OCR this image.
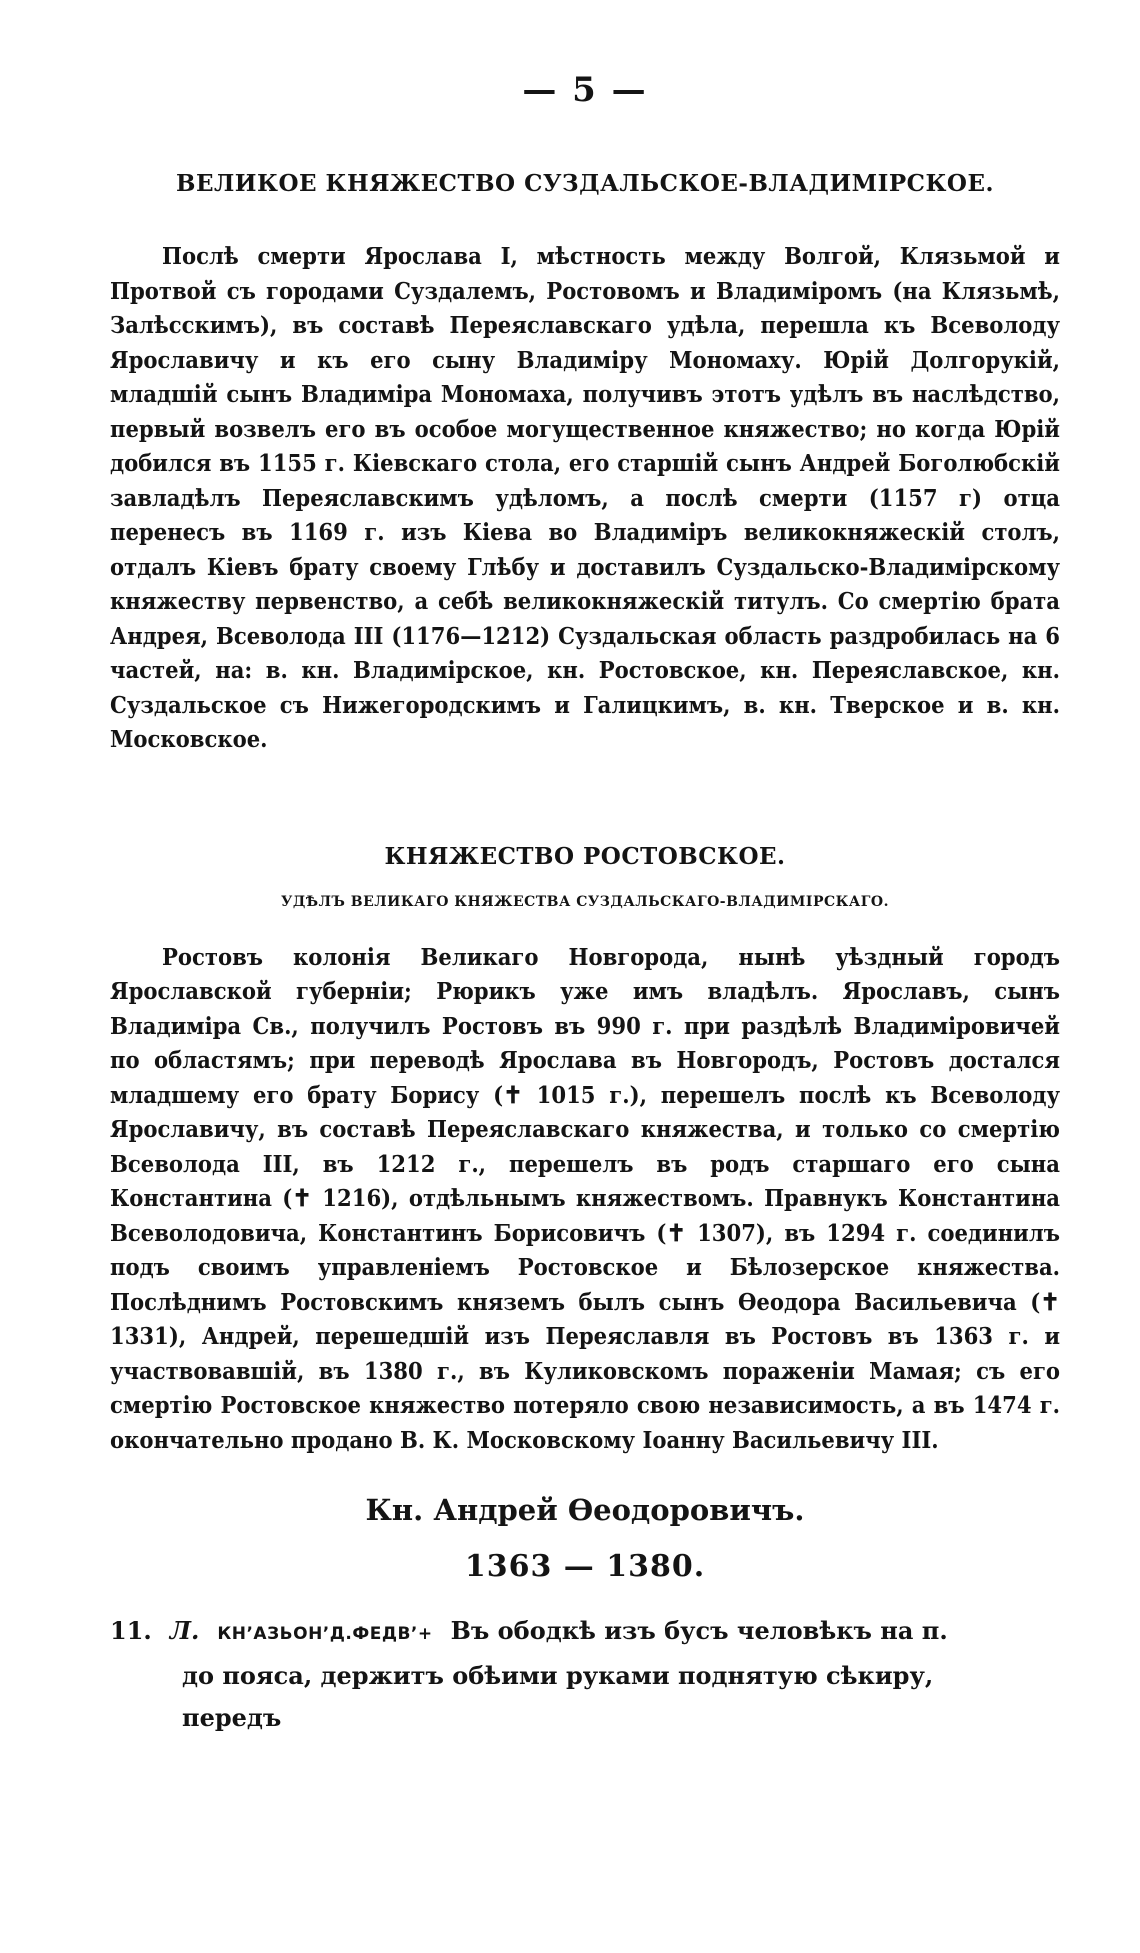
— 5 —
ВЕЛИКОЕ КНЯЖЕСТВО СУЗДАЛЬСКОЕ-ВЛАДИМІРСКОЕ.

Послѣ смерти Ярослава I, мѣстность между Волгой, Клязьмой и Протвой съ городами Суздалемъ, Ростовомъ и Владиміромъ (на Клязьмѣ, Залѣсскимъ), въ составѣ Переяславскаго удѣла, перешла къ Всеволоду Ярославичу и къ его сыну Владиміру Мономаху. Юрій Долгорукій, младшій сынъ Владиміра Мономаха, получивъ этотъ удѣлъ въ наслѣдство, первый возвелъ его въ особое могущественное княжество; но когда Юрій добился въ 1155 г. Кіевскаго стола, его старшій сынъ Андрей Боголюбскій завладѣлъ Переяславскимъ удѣломъ, а послѣ смерти (1157 г) отца перенесъ въ 1169 г. изъ Кіева во Владиміръ великокняжескій столъ, отдалъ Кіевъ брату своему Глѣбу и доставилъ Суздальско-Владимірскому княжеству первенство, а себѣ великокняжескій титулъ. Со смертію брата Андрея, Всеволода III (1176—1212) Суздальская область раздробилась на 6 частей, на: в. кн. Владимірское, кн. Ростовское, кн. Переяславское, кн. Суздальское съ Нижегородскимъ и Галицкимъ, в. кн. Тверское и в. кн. Московское.

КНЯЖЕСТВО РОСТОВСКОЕ.
УДѢЛЪ ВЕЛИКАГО КНЯЖЕСТВА СУЗДАЛЬСКАГО-ВЛАДИМІРСКАГО.

Ростовъ колонія Великаго Новгорода, нынѣ уѣздный городъ Ярославской губерніи; Рюрикъ уже имъ владѣлъ. Ярославъ, сынъ Владиміра Св., получилъ Ростовъ въ 990 г. при раздѣлѣ Владиміровичей по областямъ; при переводѣ Ярослава въ Новгородъ, Ростовъ достался младшему его брату Борису (✝ 1015 г.), перешелъ послѣ къ Всеволоду Ярославичу, въ составѣ Переяславскаго княжества, и только со смертію Всеволода III, въ 1212 г., перешелъ въ родъ старшаго его сына Константина (✝ 1216), отдѣльнымъ княжествомъ. Правнукъ Константина Всеволодовича, Константинъ Борисовичъ (✝ 1307), въ 1294 г. соединилъ подъ своимъ управленіемъ Ростовское и Бѣлозерское княжества. Послѣднимъ Ростовскимъ княземъ былъ сынъ Ѳеодора Васильевича (✝ 1331), Андрей, перешедшій изъ Переяславля въ Ростовъ въ 1363 г. и участвовавшій, въ 1380 г., въ Куликовскомъ пораженіи Мамая; съ его смертію Ростовское княжество потеряло свою независимость, а въ 1474 г. окончательно продано В. К. Московскому Іоанну Васильевичу III.

Кн. Андрей Ѳеодоровичъ.
1363 — 1380.
11. Л. КН’АЗЬОН’Д.ФЕДВ’+ Въ ободкѣ изъ бусъ человѣкъ на п.
до пояса, держитъ обѣими руками поднятую сѣкиру, передъ
